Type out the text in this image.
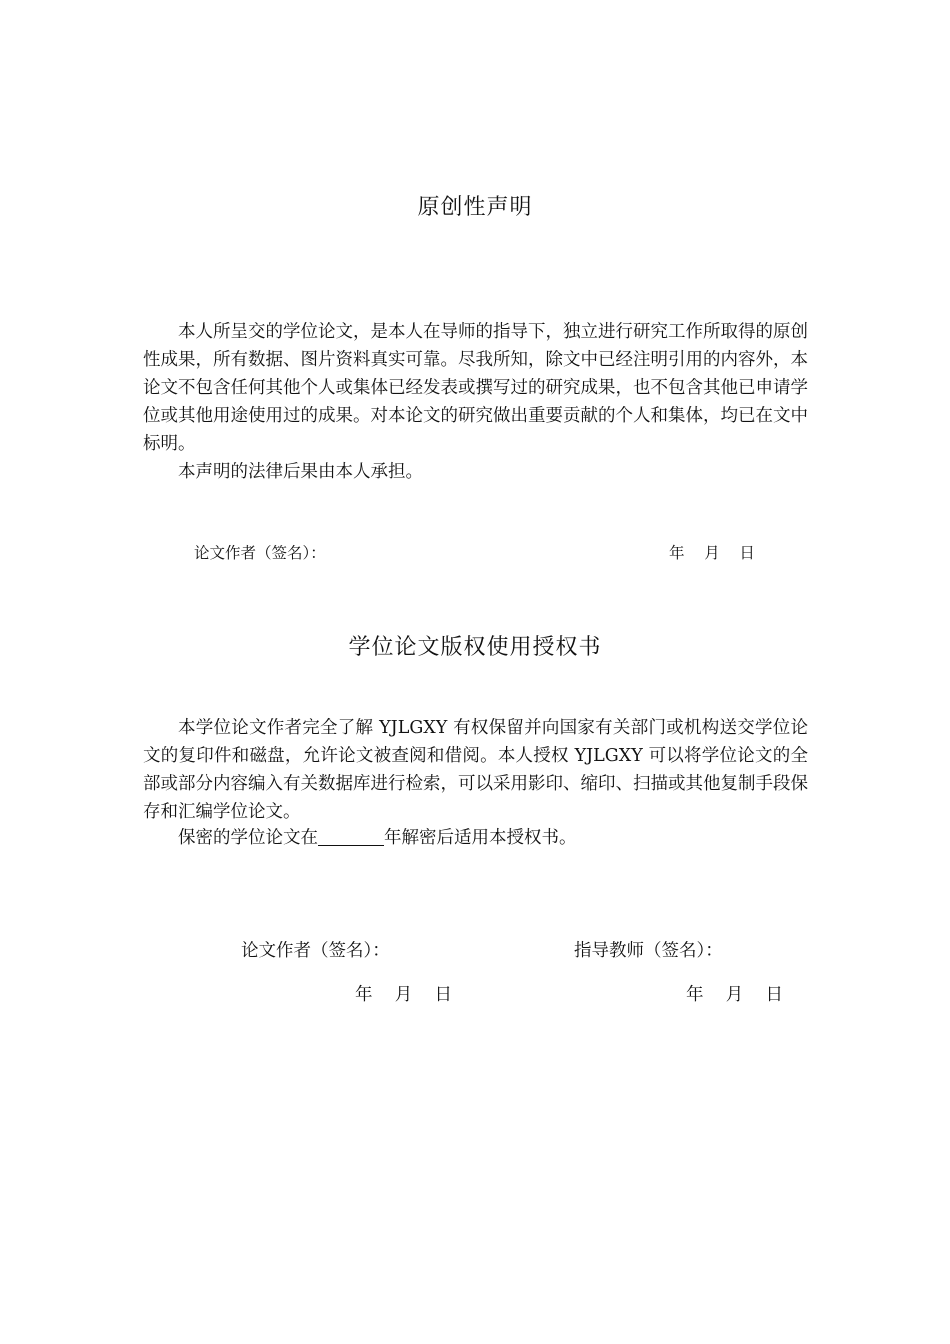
原创性声明

本人所呈交的学位论文，是本人在导师的指导下，独立进行研究工作所取得的原创性成果，所有数据、图片资料真实可靠。尽我所知，除文中已经注明引用的内容外，本论文不包含任何其他个人或集体已经发表或撰写过的研究成果，也不包含其他已申请学位或其他用途使用过的成果。对本论文的研究做出重要贡献的个人和集体，均已在文中标明。

本声明的法律后果由本人承担。

论文作者（签名）：	年    月    日
学位论文版权使用授权书

本学位论文作者完全了解 YJLGXY 有权保留并向国家有关部门或机构送交学位论文的复印件和磁盘，允许论文被查阅和借阅。本人授权 YJLGXY 可以将学位论文的全部或部分内容编入有关数据库进行检索，可以采用影印、缩印、扫描或其他复制手段保存和汇编学位论文。

保密的学位论文在	年解密后适用本授权书。

论文作者（签名）：	指导教师（签名）：
年    月    日	年    月    日
